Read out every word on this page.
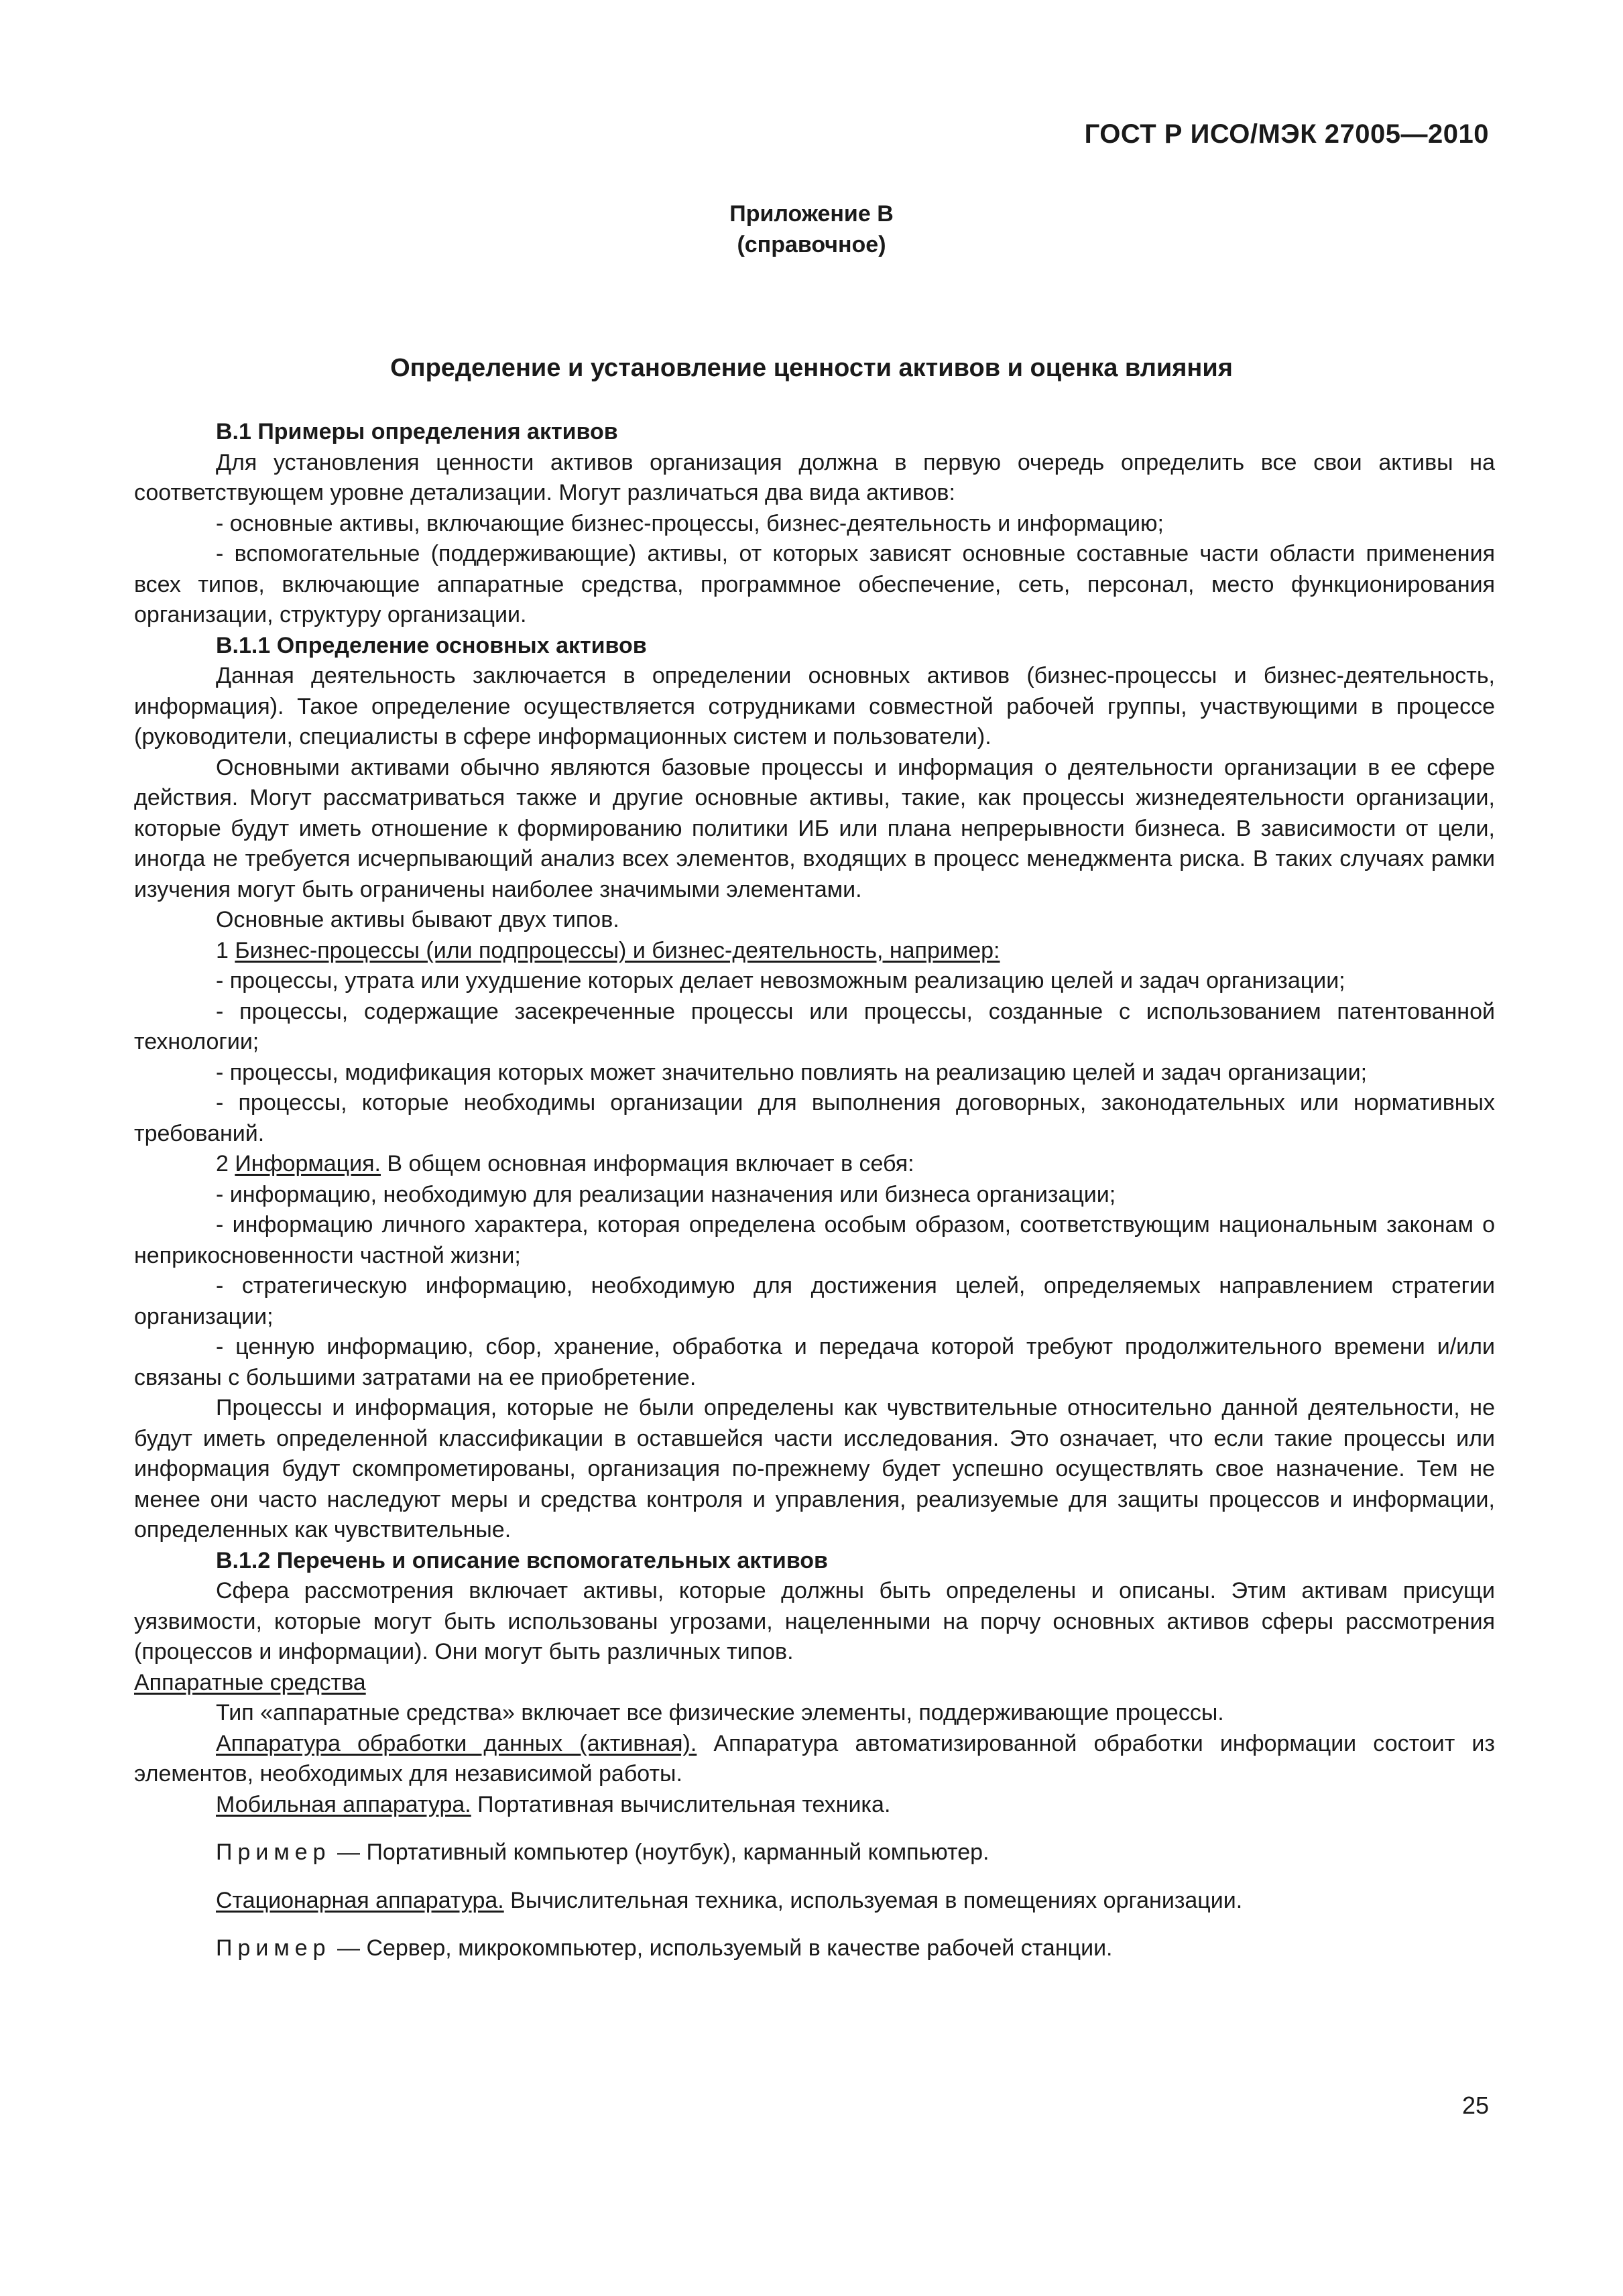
ГОСТ Р ИСО/МЭК 27005—2010
Приложение В
(справочное)
Определение и установление ценности активов и оценка влияния

В.1 Примеры определения активов

Для установления ценности активов организация должна в первую очередь определить все свои активы на соответствующем уровне детализации. Могут различаться два вида активов:

- основные активы, включающие бизнес-процессы, бизнес-деятельность и информацию;

- вспомогательные (поддерживающие) активы, от которых зависят основные составные части области применения всех типов, включающие аппаратные средства, программное обеспечение, сеть, персонал, место функционирования организации, структуру организации.

В.1.1 Определение основных активов

Данная деятельность заключается в определении основных активов (бизнес-процессы и бизнес-деятельность, информация). Такое определение осуществляется сотрудниками совместной рабочей группы, участвующими в процессе (руководители, специалисты в сфере информационных систем и пользователи).

Основными активами обычно являются базовые процессы и информация о деятельности организации в ее сфере действия. Могут рассматриваться также и другие основные активы, такие, как процессы жизнедеятельности организации, которые будут иметь отношение к формированию политики ИБ или плана непрерывности бизнеса. В зависимости от цели, иногда не требуется исчерпывающий анализ всех элементов, входящих в процесс менеджмента риска. В таких случаях рамки изучения могут быть ограничены наиболее значимыми элементами.

Основные активы бывают двух типов.

1 Бизнес-процессы (или подпроцессы) и бизнес-деятельность, например:

- процессы, утрата или ухудшение которых делает невозможным реализацию целей и задач организации;

- процессы, содержащие засекреченные процессы или процессы, созданные с использованием патентованной технологии;

- процессы, модификация которых может значительно повлиять на реализацию целей и задач организации;

- процессы, которые необходимы организации для выполнения договорных, законодательных или нормативных требований.

2 Информация. В общем основная информация включает в себя:

- информацию, необходимую для реализации назначения или бизнеса организации;

- информацию личного характера, которая определена особым образом, соответствующим национальным законам о неприкосновенности частной жизни;

- стратегическую информацию, необходимую для достижения целей, определяемых направлением стратегии организации;

- ценную информацию, сбор, хранение, обработка и передача которой требуют продолжительного времени и/или связаны с большими затратами на ее приобретение.

Процессы и информация, которые не были определены как чувствительные относительно данной деятельности, не будут иметь определенной классификации в оставшейся части исследования. Это означает, что если такие процессы или информация будут скомпрометированы, организация по-прежнему будет успешно осуществлять свое назначение. Тем не менее они часто наследуют меры и средства контроля и управления, реализуемые для защиты процессов и информации, определенных как чувствительные.

В.1.2 Перечень и описание вспомогательных активов

Сфера рассмотрения включает активы, которые должны быть определены и описаны. Этим активам присущи уязвимости, которые могут быть использованы угрозами, нацеленными на порчу основных активов сферы рассмотрения (процессов и информации). Они могут быть различных типов.

Аппаратные средства

Тип «аппаратные средства» включает все физические элементы, поддерживающие процессы.

Аппаратура обработки данных (активная). Аппаратура автоматизированной обработки информации состоит из элементов, необходимых для независимой работы.

Мобильная аппаратура. Портативная вычислительная техника.

Пример — Портативный компьютер (ноутбук), карманный компьютер.

Стационарная аппаратура. Вычислительная техника, используемая в помещениях организации.

Пример — Сервер, микрокомпьютер, используемый в качестве рабочей станции.

25
